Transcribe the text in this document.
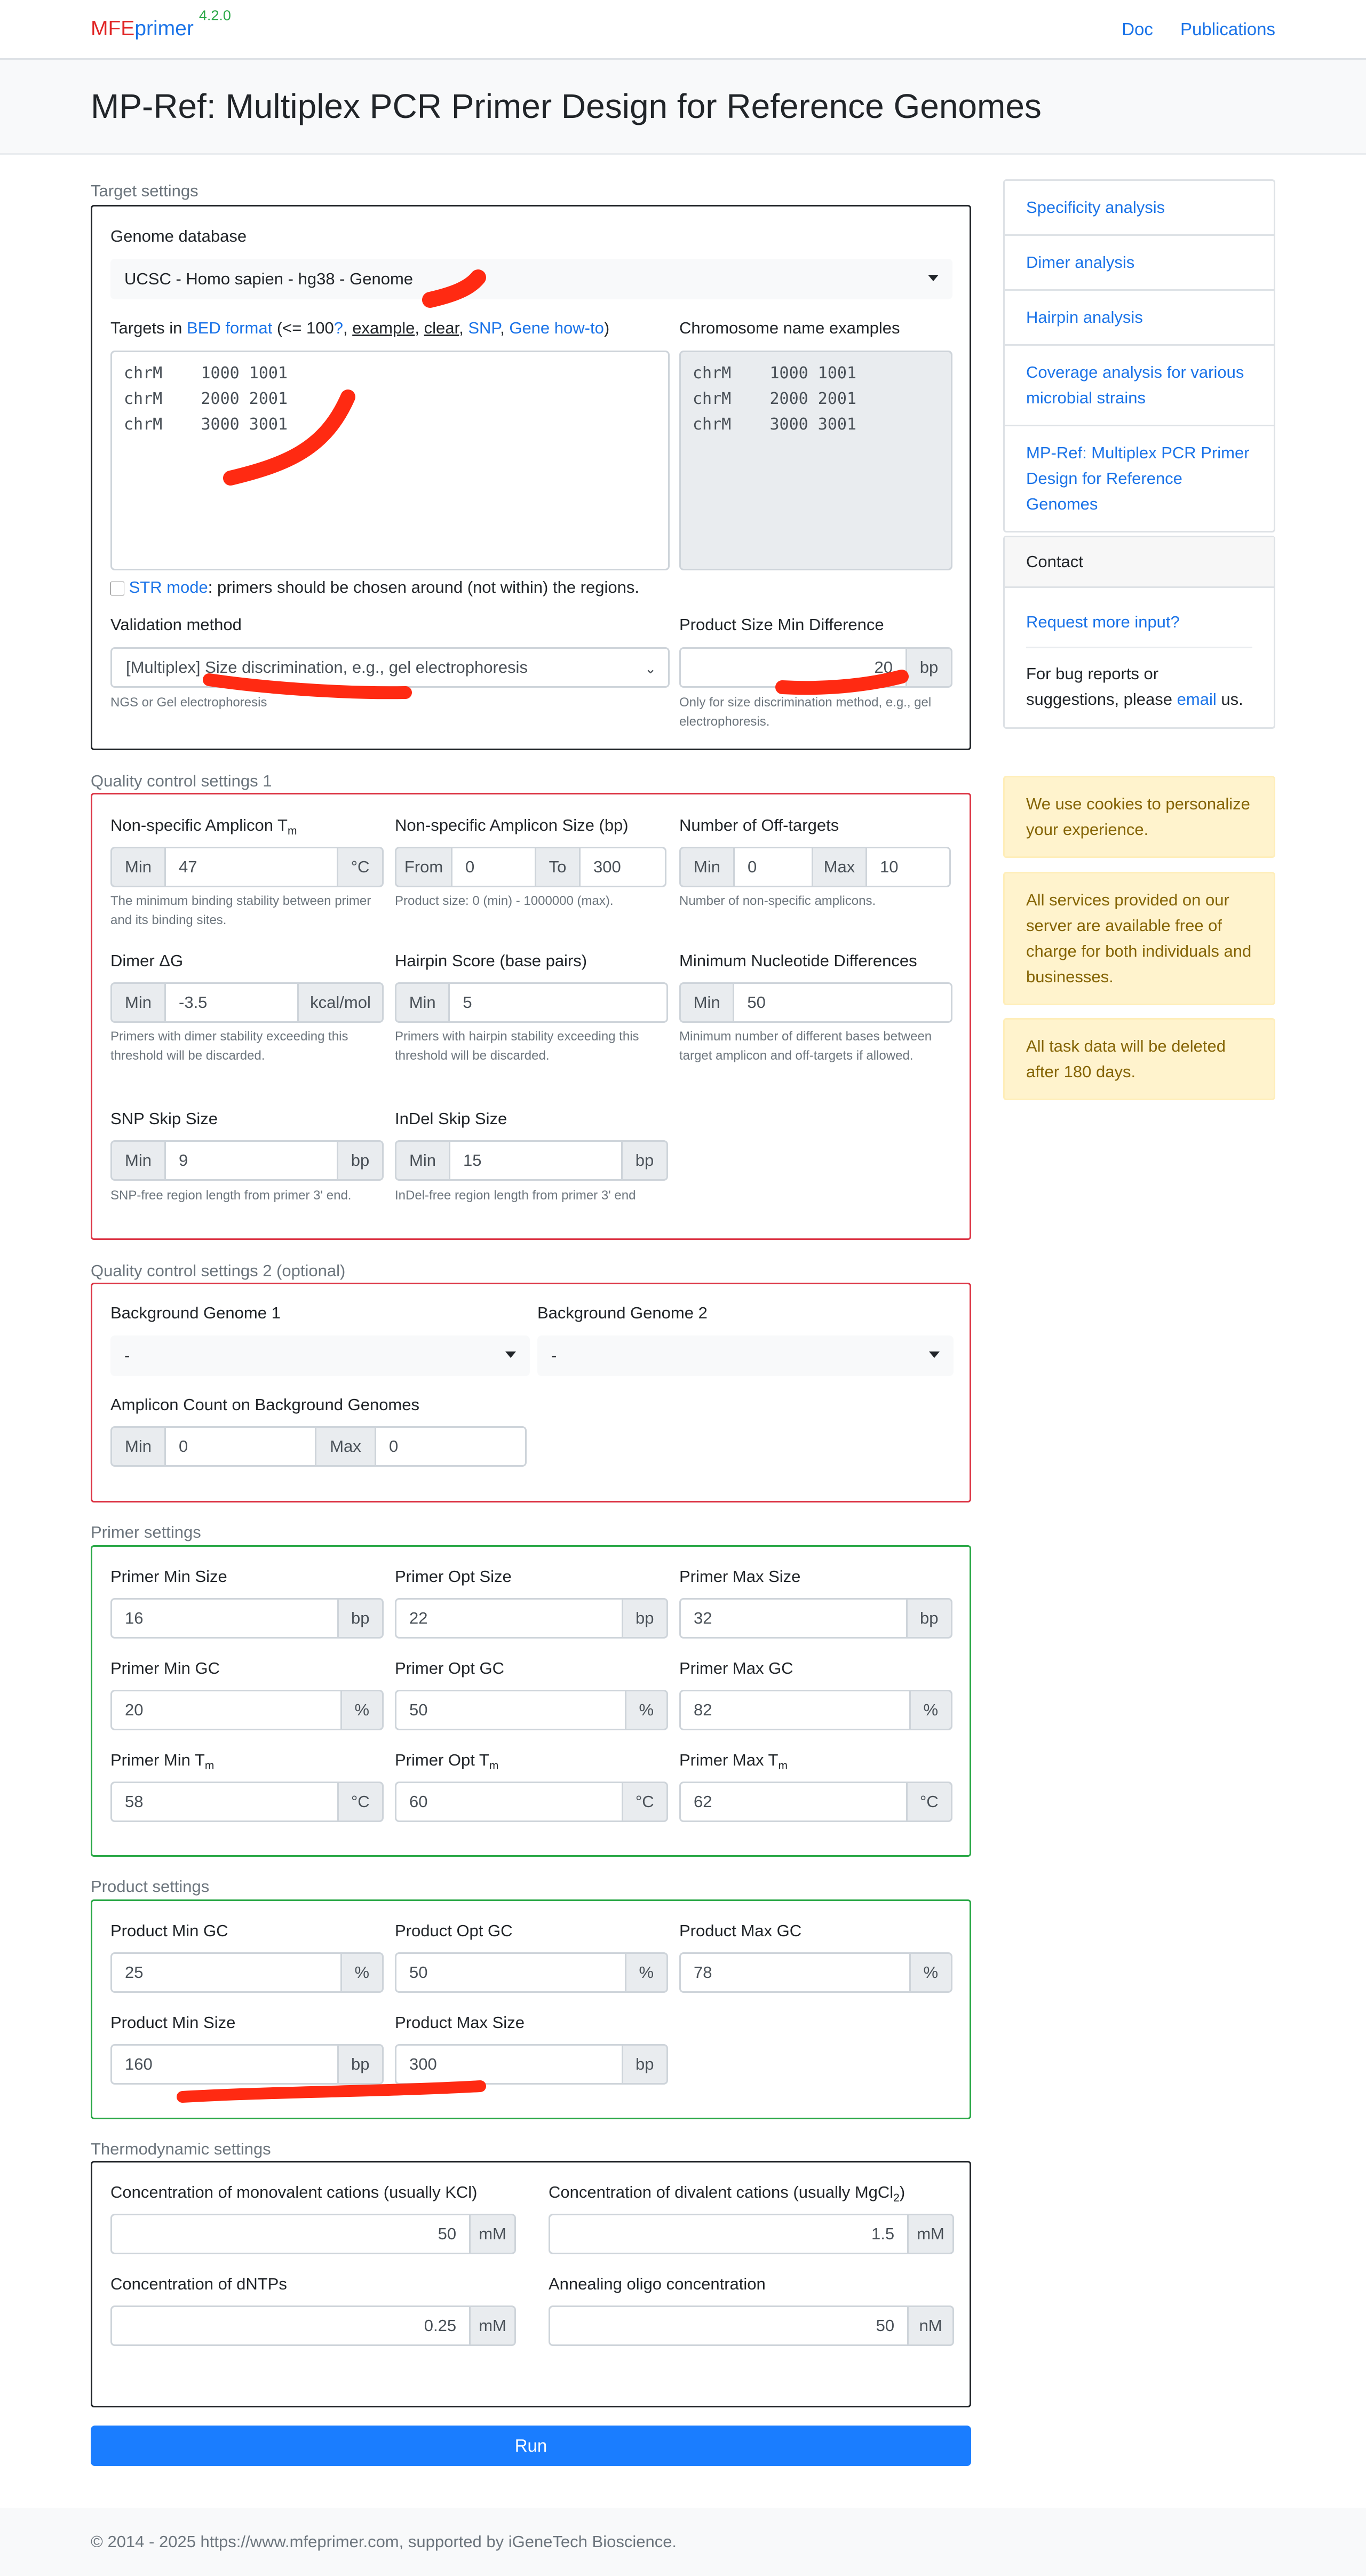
MFEprimer$^{4.2.0}$
Doc Publications
MP-Ref: Multiplex PCR Primer Design for Reference Genomes
Target settings
Genome database
UCSC - Homo sapien - hg38 - Genome
Targets in BED format (<= 100?, example, clear, SNP, Gene how-to)
chrM	1000 1001
chrM	2000 2001
chrM	3000 3001
Chromosome name examples
chrM	1000 1001
chrM	2000 2001
chrM	3000 3001
STR mode: primers should be chosen around (not within) the regions.
Validation method
[Multiplex] Size discrimination, e.g., gel electrophoresis	⌄
NGS or Gel electrophoresis
Product Size Min Difference
20	bp
Only for size discrimination method, e.g., gel electrophoresis.
Quality control settings 1
Non-specific Amplicon $T_m$
Min	47	°C
The minimum binding stability between primer and its binding sites.
Non-specific Amplicon Size (bp)
From	0	To	300
Product size: 0 (min) - 1000000 (max).
Number of Off-targets
Min	0	Max	10
Number of non-specific amplicons.
Dimer ΔG
Min	-3.5	kcal/mol
Primers with dimer stability exceeding this threshold will be discarded.
Hairpin Score (base pairs)
Min	5
Primers with hairpin stability exceeding this threshold will be discarded.
Minimum Nucleotide Differences
Min	50
Minimum number of different bases between target amplicon and off-targets if allowed.
SNP Skip Size
Min	9	bp
SNP-free region length from primer 3' end.
InDel Skip Size
Min	15	bp
InDel-free region length from primer 3' end
Quality control settings 2 (optional)
Background Genome 1
-
Background Genome 2
-
Amplicon Count on Background Genomes
Min	0	Max	0
Primer settings
Primer Min Size
16	bp
Primer Opt Size
22	bp
Primer Max Size
32	bp
Primer Min GC
20	%
Primer Opt GC
50	%
Primer Max GC
82	%
Primer Min $T_m$
58	°C
Primer Opt $T_m$
60	°C
Primer Max $T_m$
62	°C
Product settings
Product Min GC
25	%
Product Opt GC
50	%
Product Max GC
78	%
Product Min Size
160	bp
Product Max Size
300	bp
Thermodynamic settings
Concentration of monovalent cations (usually KCl)
50	mM
Concentration of divalent cations (usually MgCl$_2$)
1.5	mM
Concentration of dNTPs
0.25	mM
Annealing oligo concentration
50	nM
Run
Specificity analysis
Dimer analysis
Hairpin analysis
Coverage analysis for various microbial strains
MP-Ref: Multiplex PCR Primer Design for Reference Genomes
Contact
Request more input?
For bug reports or suggestions, please email us.
We use cookies to personalize your experience.
All services provided on our server are available free of charge for both individuals and businesses.
All task data will be deleted after 180 days.
© 2014 - 2025 https://www.mfeprimer.com, supported by iGeneTech Bioscience.
